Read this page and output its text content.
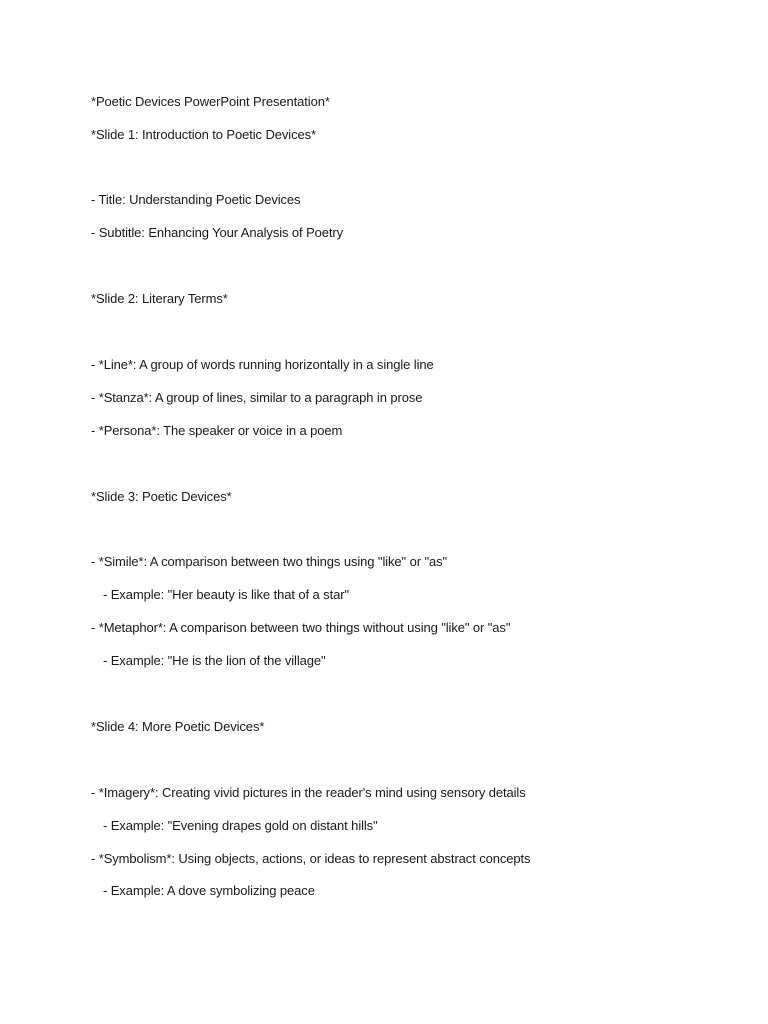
*Poetic Devices PowerPoint Presentation*
*Slide 1: Introduction to Poetic Devices*
- Title: Understanding Poetic Devices
- Subtitle: Enhancing Your Analysis of Poetry
*Slide 2: Literary Terms*
- *Line*: A group of words running horizontally in a single line
- *Stanza*: A group of lines, similar to a paragraph in prose
- *Persona*: The speaker or voice in a poem
*Slide 3: Poetic Devices*
- *Simile*: A comparison between two things using "like" or "as"
- Example: "Her beauty is like that of a star"
- *Metaphor*: A comparison between two things without using "like" or "as"
- Example: "He is the lion of the village"
*Slide 4: More Poetic Devices*
- *Imagery*: Creating vivid pictures in the reader's mind using sensory details
- Example: "Evening drapes gold on distant hills"
- *Symbolism*: Using objects, actions, or ideas to represent abstract concepts
- Example: A dove symbolizing peace
